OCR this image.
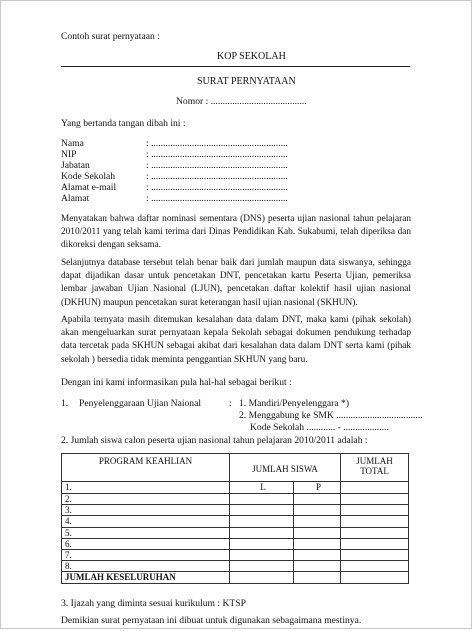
Contoh surat pernyataan :
KOP SEKOLAH
SURAT PERNYATAAN
Nomor : ........................................
Yang bertanda tangan dibah ini :
Nama	: .........................................................
NIP	: .........................................................
Jabatan	: .........................................................
Kode Sekolah	: .........................................................
Alamat e-mail	: .........................................................
Alamat	: .........................................................
Menyatakan bahwa daftar nominasi sementara (DNS) peserta ujian nasional tahun pelajaran 2010/2011 yang telah kami terima dari Dinas Pendidikan Kab. Sukabumi, telah diperiksa dan dikoreksi dengan seksama.
Selanjutnya database tersebut telah benar baik dari jumlah maupun data siswanya, sehingga dapat dijadikan dasar untuk pencetakan DNT, pencetakan kartu Peserta Ujian, pemeriksa lembar jawaban Ujian Nasional (LJUN), pencetakan daftar kolektif hasil ujian nasional (DKHUN) maupun pencetakan surat keterangan hasil ujian nasional (SKHUN).
Apabila ternyata masih ditemukan kesalahan data dalam DNT, maka kami (pihak sekolah) akan mengeluarkan surat pernyataan kepala Sekolah sebagai dokumen pendukung terhadap data tercetak pada SKHUN sebagai akibat dari kesalahan data dalam DNT serta kami (pihak sekolah ) bersedia tidak meminta penggantian SKHUN yang baru.
Dengan ini kami informasikan pula hal-hal sebagai berikut :
1. Penyelenggaraan Ujian Naional	: 1. Mandiri/Penyelenggara *)
2. Menggabung ke SMK ....................................
Kode Sekolah ............ - ...................
2. Jumlah siswa calon peserta ujian nasional tahun pelajaran 2010/2011 adalah :
PROGRAM KEAHLIAN	JUMLAH SISWA		JUMLAH TOTAL
1.	L	P	
2.			
3.			
4.			
5.			
6.			
7.			
8.			
JUMLAH KESELURUHAN			
3. Ijazah yang diminta sesuai kurikulum : KTSP
Demikian surat pernyataan ini dibuat untuk digunakan sebagaimana mestinya.
